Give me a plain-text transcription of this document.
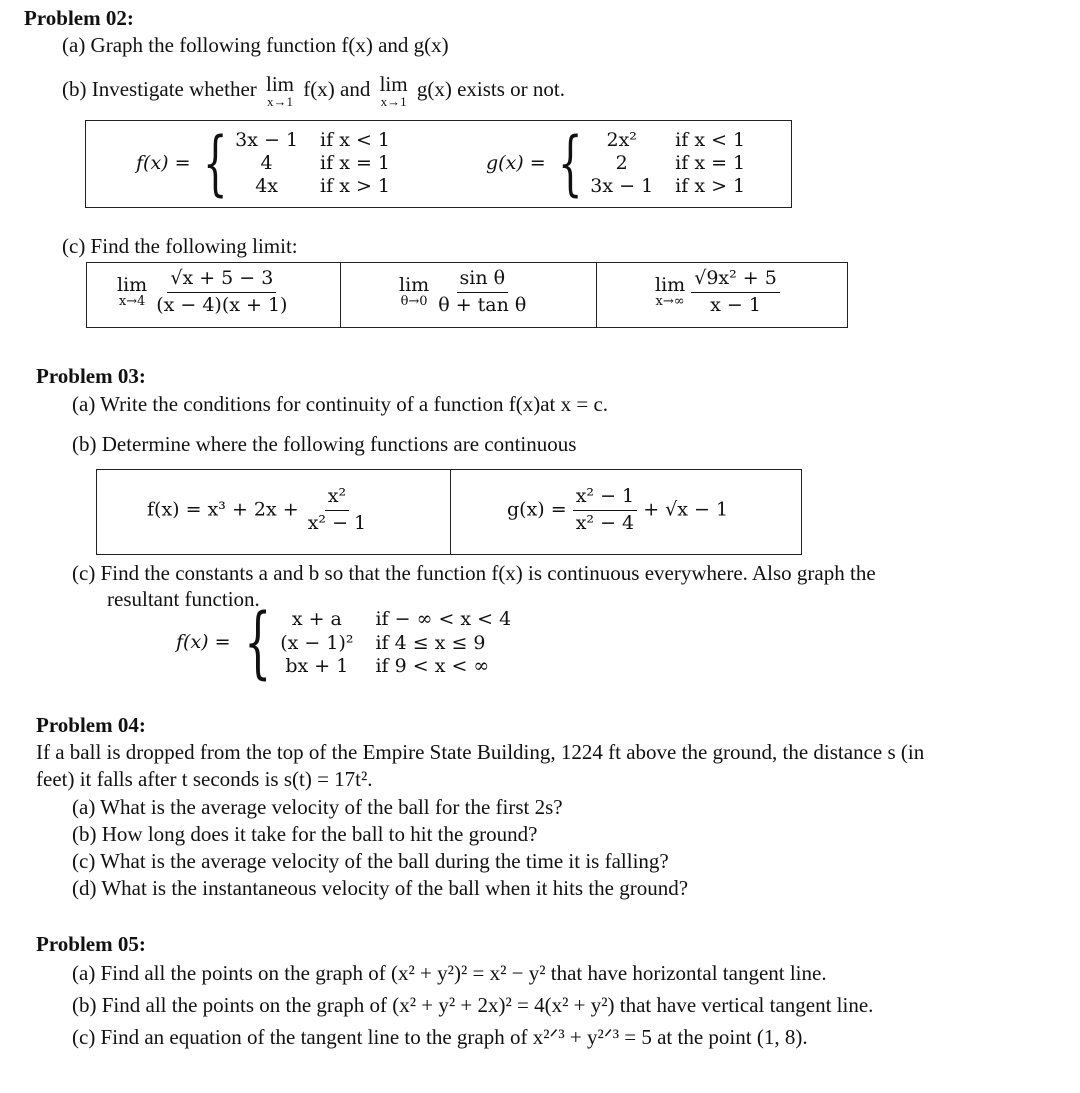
Problem 02:
(a) Graph the following function f(x) and g(x)
(b) Investigate whether lim
x→1
f(x) and lim
x→1
g(x) exists or not.
f(x) = { 3x − 1	if x < 1
4	if x = 1
4x	if x > 1
g(x) = { 2x²	if x < 1
2	if x = 1
3x − 1	if x > 1
(c) Find the following limit:
lim
x→4
$\frac{√x + 5 - 3}{(x - 4)(x + 1)}$	lim
θ→0
$\frac{\text{sin θ}}{\text{θ + tan θ}}$	lim
x→∞
$\frac{\text{√9x² + 5}}{x - 1}$
Problem 03:
(a) Write the conditions for continuity of a function f(x)at x = c.
(b) Determine where the following functions are continuous
$f(x) = x^3 + 2x + \frac{\text{x²}}{\text{x² − 1}}$	$g(x) = \frac{\text{x² − 1}}{\text{x² − 4}} + √x - 1$
(c) Find the constants a and b so that the function f(x) is continuous everywhere. Also graph the
resultant function.
f(x) = { x + a	if − ∞ < x < 4
(x − 1)²	if 4 ≤ x ≤ 9
bx + 1	if 9 < x < ∞
Problem 04:
If a ball is dropped from the top of the Empire State Building, 1224 ft above the ground, the distance s (in
feet) it falls after t seconds is s(t) = 17t².
(a) What is the average velocity of the ball for the first 2s?
(b) How long does it take for the ball to hit the ground?
(c) What is the average velocity of the ball during the time it is falling?
(d) What is the instantaneous velocity of the ball when it hits the ground?
Problem 05:
(a) Find all the points on the graph of (x² + y²)² = x² − y² that have horizontal tangent line.
(b) Find all the points on the graph of (x² + y² + 2x)² = 4(x² + y²) that have vertical tangent line.
(c) Find an equation of the tangent line to the graph of x²ᐟ³ + y²ᐟ³ = 5 at the point (1, 8).
